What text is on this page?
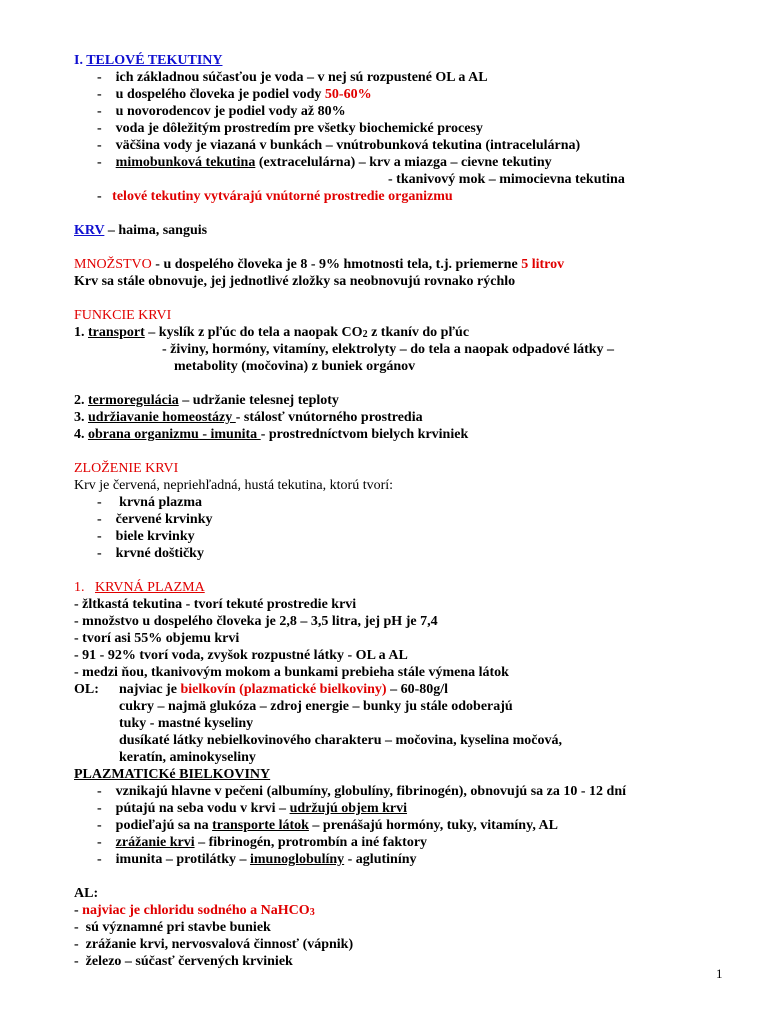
I. TELOVÉ TEKUTINY
-    ich základnou súčasťou je voda – v nej sú rozpustené OL a AL
-    u dospelého človeka je podiel vody 50-60%
-    u novorodencov je podiel vody až 80%
-    voda je dôležitým prostredím pre všetky biochemické procesy
-    väčšina vody je viazaná v bunkách – vnútrobunková tekutina (intracelulárna)
-    mimobunková tekutina (extracelulárna) – krv a miazga – cievne tekutiny
- tkanivový mok – mimocievna tekutina
-   telové tekutiny vytvárajú vnútorné prostredie organizmu
KRV – haima, sanguis
MNOŽSTVO - u dospelého človeka je 8 - 9% hmotnosti tela, t.j. priemerne 5 litrov
Krv sa stále obnovuje, jej jednotlivé zložky sa neobnovujú rovnako rýchlo
FUNKCIE KRVI
1. transport – kyslík z pľúc do tela a naopak $CO_2$ z tkanív do pľúc
- živiny, hormóny, vitamíny, elektrolyty – do tela a naopak odpadové látky –
metabolity (močovina) z buniek orgánov
2. termoregulácia – udržanie telesnej teploty
3. udržiavanie homeostázy - stálosť vnútorného prostredia
4. obrana organizmu - imunita - prostredníctvom bielych krviniek
ZLOŽENIE KRVI
Krv je červená, nepriehľadná, hustá tekutina, ktorú tvorí:
-     krvná plazma
-    červené krvinky
-    biele krvinky
-    krvné doštičky
1. KRVNÁ PLAZMA
- žltkastá tekutina - tvorí tekuté prostredie krvi
- množstvo u dospelého človeka je 2,8 – 3,5 litra, jej pH je 7,4
- tvorí asi 55% objemu krvi
- 91 - 92% tvorí voda, zvyšok rozpustné látky - OL a AL
- medzi ňou, tkanivovým mokom a bunkami prebieha stále výmena látok
OL: najviac je bielkovín (plazmatické bielkoviny) – 60-80g/l
cukry – najmä glukóza – zdroj energie – bunky ju stále odoberajú
tuky - mastné kyseliny
dusíkaté látky nebielkovinového charakteru – močovina, kyselina močová,
keratín, aminokyseliny
PLAZMATICKé BIELKOVINY
-    vznikajú hlavne v pečeni (albumíny, globulíny, fibrinogén), obnovujú sa za 10 - 12 dní
-    pútajú na seba vodu v krvi – udržujú objem krvi
-    podieľajú sa na transporte látok – prenášajú hormóny, tuky, vitamíny, AL
-    zrážanie krvi – fibrinogén, protrombín a iné faktory
-    imunita – protilátky – imunoglobulíny - aglutiníny
AL:
- najviac je chloridu sodného a NaHCO$_3$
-  sú významné pri stavbe buniek
-  zrážanie krvi, nervosvalová činnosť (vápnik)
-  železo – súčasť červených krviniek
1
